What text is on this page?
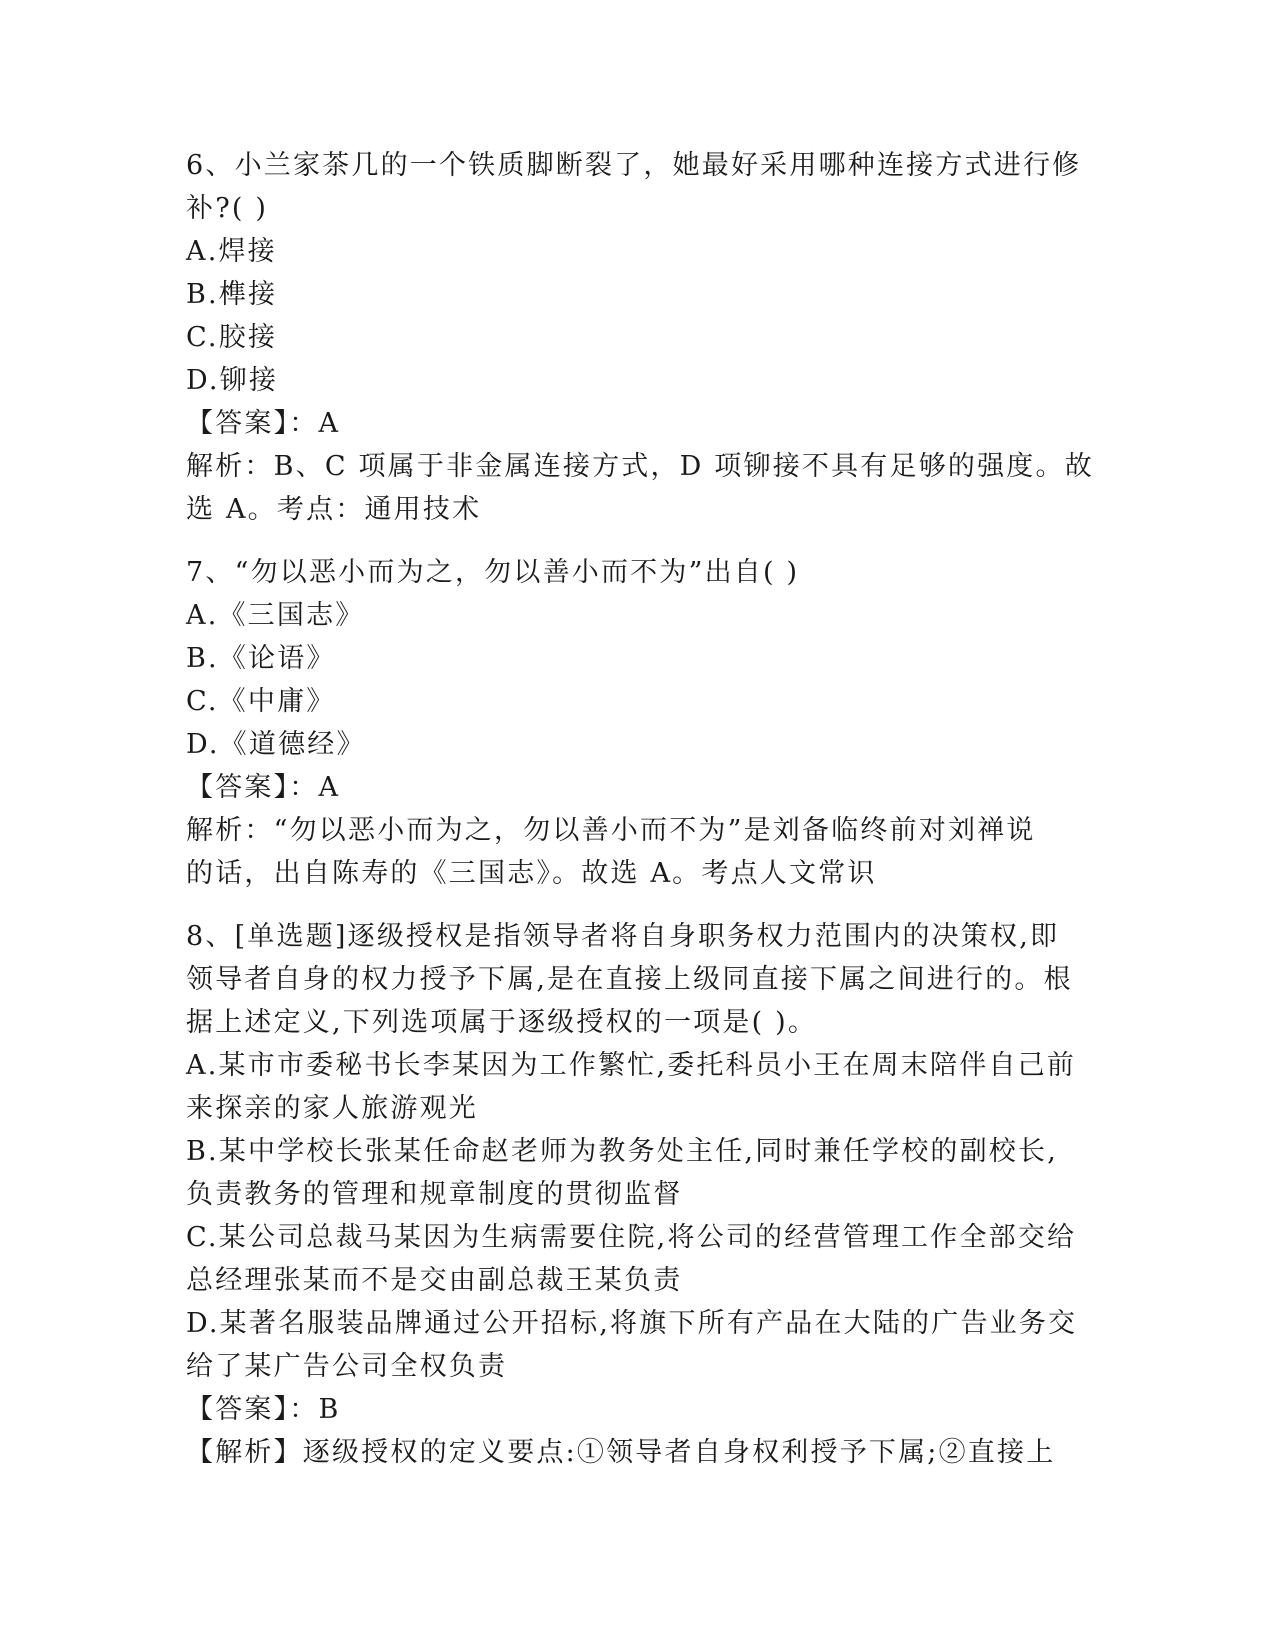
6、小兰家茶几的一个铁质脚断裂了，她最好采用哪种连接方式进行修
补?( )
A.焊接
B.榫接
C.胶接
D.铆接
【答案】：A
解析：B、C 项属于非金属连接方式，D 项铆接不具有足够的强度。故
选 A。考点：通用技术
7、“勿以恶小而为之，勿以善小而不为”出自( )
A.《三国志》
B.《论语》
C.《中庸》
D.《道德经》
【答案】：A
解析：“勿以恶小而为之，勿以善小而不为”是刘备临终前对刘禅说
的话，出自陈寿的《三国志》。故选 A。考点人文常识
8、[单选题]逐级授权是指领导者将自身职务权力范围内的决策权,即
领导者自身的权力授予下属,是在直接上级同直接下属之间进行的。根
据上述定义,下列选项属于逐级授权的一项是( )。
A.某市市委秘书长李某因为工作繁忙,委托科员小王在周末陪伴自己前
来探亲的家人旅游观光
B.某中学校长张某任命赵老师为教务处主任,同时兼任学校的副校长,
负责教务的管理和规章制度的贯彻监督
C.某公司总裁马某因为生病需要住院,将公司的经营管理工作全部交给
总经理张某而不是交由副总裁王某负责
D.某著名服装品牌通过公开招标,将旗下所有产品在大陆的广告业务交
给了某广告公司全权负责
【答案】：B
【解析】逐级授权的定义要点:①领导者自身权利授予下属;②直接上
